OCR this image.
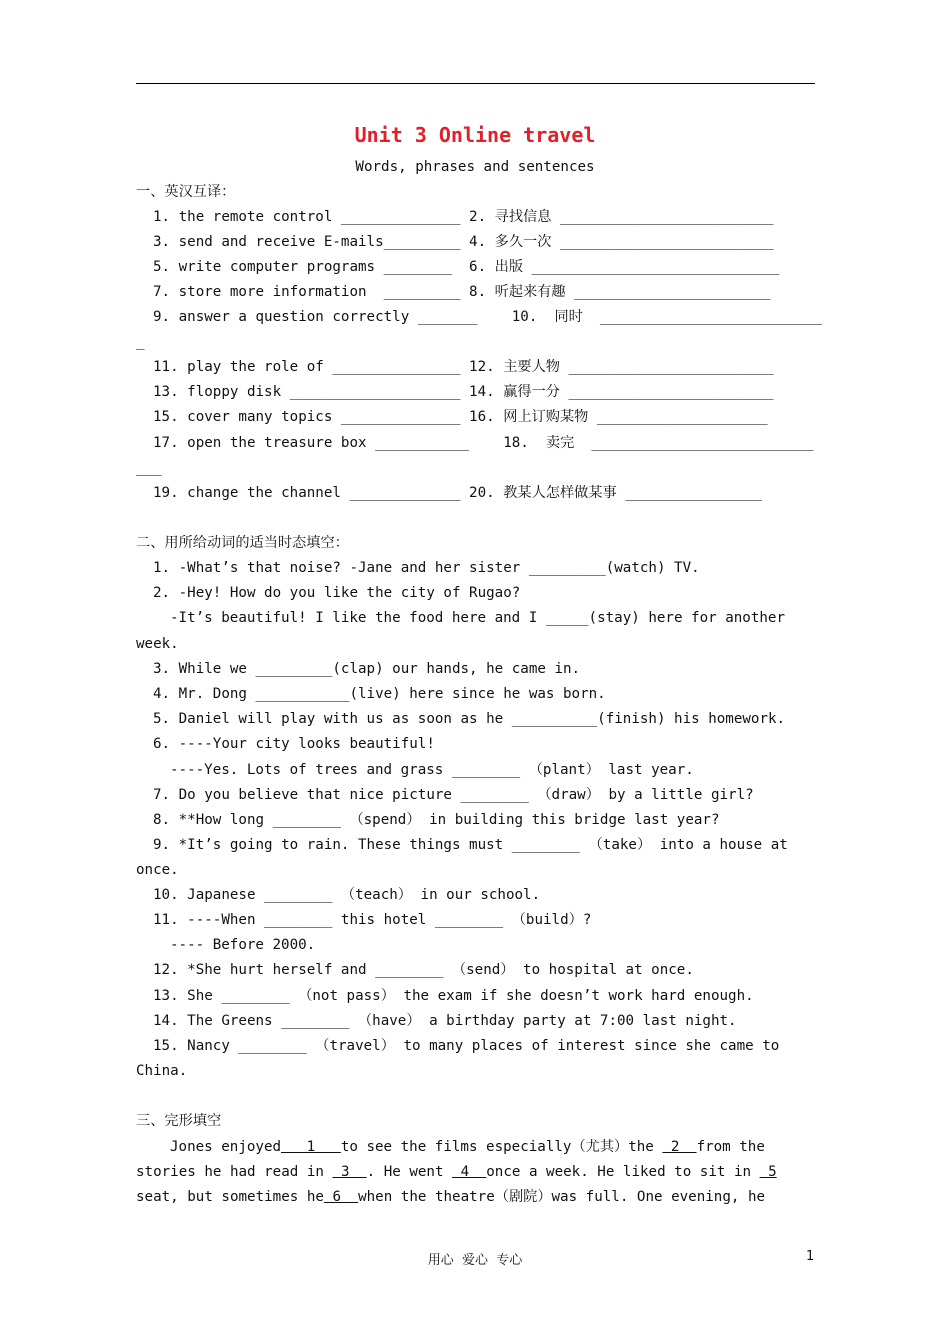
Unit 3 Online travel
Words, phrases and sentences
一、英汉互译：
1. the remote control ______________ 2. 寻找信息 _________________________
3. send and receive E-mails_________ 4. 多久一次 _________________________
5. write computer programs ________  6. 出版 _____________________________
7. store more information  _________ 8. 听起来有趣 _______________________
9. answer a question correctly _______    10.  同时  __________________________
_
11. play the role of _______________ 12. 主要人物 ________________________
13. floppy disk ____________________ 14. 赢得一分 ________________________
15. cover many topics ______________ 16. 网上订购某物 ____________________
17. open the treasure box ___________    18.  卖完  __________________________
___
19. change the channel _____________ 20. 教某人怎样做某事 ________________
二、用所给动词的适当时态填空：
1. -What’s that noise? -Jane and her sister _________(watch) TV.
2. -Hey! How do you like the city of Rugao?
-It’s beautiful! I like the food here and I _____(stay) here for another
week.
3. While we _________(clap) our hands, he came in.
4. Mr. Dong ___________(live) here since he was born.
5. Daniel will play with us as soon as he __________(finish) his homework.
6. ----Your city looks beautiful!
----Yes. Lots of trees and grass ________ （plant） last year.
7. Do you believe that nice picture ________ （draw） by a little girl?
8. **How long ________ （spend） in building this bridge last year?
9. *It’s going to rain. These things must ________ （take） into a house at
once.
10. Japanese ________ （teach） in our school.
11. ----When ________ this hotel ________ （build）?
---- Before 2000.
12. *She hurt herself and ________ （send） to hospital at once.
13. She ________ （not pass） the exam if she doesn’t work hard enough.
14. The Greens ________ （have） a birthday party at 7:00 last night.
15. Nancy ________ （travel） to many places of interest since she came to
China.
三、完形填空
Jones enjoyed   1   to see the films especially（尤其）the  2  from the
stories he had read in  3  . He went  4  once a week. He liked to sit in  5
seat, but sometimes he 6  when the theatre（剧院）was full. One evening, he
用心  爱心  专心	1
